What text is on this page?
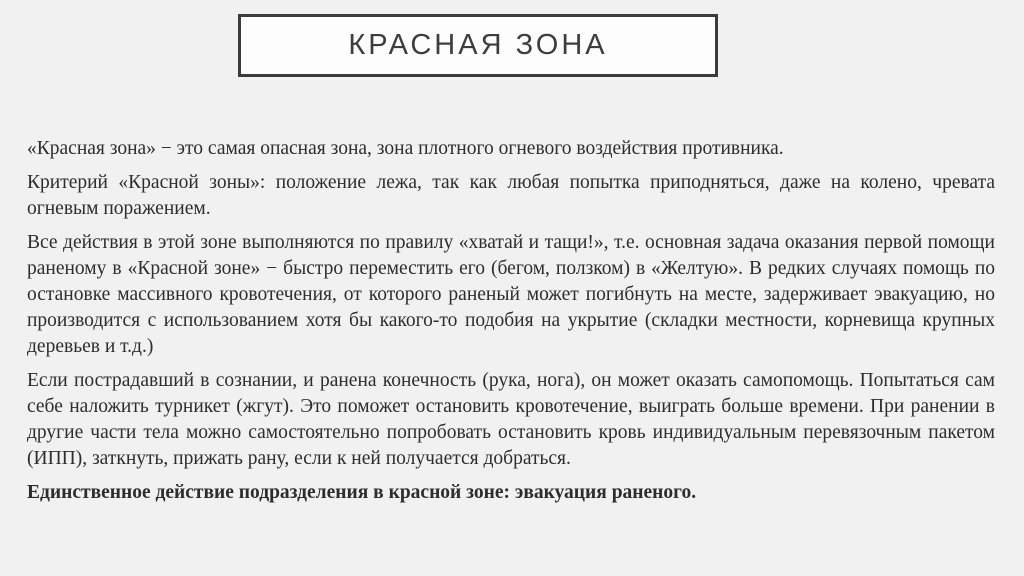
КРАСНАЯ ЗОНА

«Красная зона» − это самая опасная зона, зона плотного огневого воздействия противника.

Критерий «Красной зоны»: положение лежа, так как любая попытка приподняться, даже на колено, чревата огневым поражением.

Все действия в этой зоне выполняются по правилу «хватай и тащи!», т.е. основная задача оказания первой помощи раненому в «Красной зоне» − быстро переместить его (бегом, ползком) в «Желтую». В редких случаях помощь по остановке массивного кровотечения, от которого раненый может погибнуть на месте, задерживает эвакуацию, но производится с использованием хотя бы какого-то подобия на укрытие (складки местности, корневища крупных деревьев и т.д.)

Если пострадавший в сознании, и ранена конечность (рука, нога), он может оказать самопомощь. Попытаться сам себе наложить турникет (жгут). Это поможет остановить кровотечение, выиграть больше времени. При ранении в другие части тела можно самостоятельно попробовать остановить кровь индивидуальным перевязочным пакетом (ИПП), заткнуть, прижать рану, если к ней получается добраться.

Единственное действие подразделения в красной зоне: эвакуация раненого.
